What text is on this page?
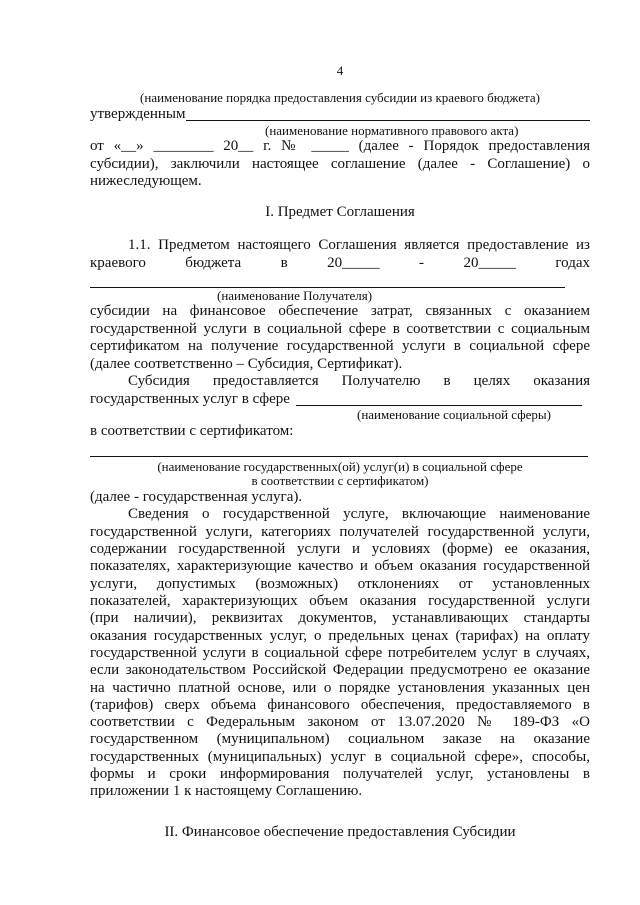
4
(наименование порядка предоставления субсидии из краевого бюджета)
утвержденным
(наименование нормативного правового акта)
от «__» ________ 20__ г. № _____ (далее - Порядок предоставления
субсидии), заключили настоящее соглашение (далее - Соглашение) о
нижеследующем.
I. Предмет Соглашения
1.1. Предметом настоящего Соглашения является предоставление из
краевого бюджета в 20_____ - 20_____ годах
(наименование Получателя)
субсидии на финансовое обеспечение затрат, связанных с оказанием
государственной услуги в социальной сфере в соответствии с социальным
сертификатом на получение государственной услуги в социальной сфере
(далее соответственно – Субсидия, Сертификат).
Субсидия предоставляется Получателю в целях оказания
государственных услуг в сфере
(наименование социальной сферы)
в соответствии с сертификатом:
(наименование государственных(ой) услуг(и) в социальной сфере
в соответствии с сертификатом)
(далее - государственная услуга).
Сведения о государственной услуге, включающие наименование
государственной услуги, категориях получателей государственной услуги,
содержании государственной услуги и условиях (форме) ее оказания,
показателях, характеризующие качество и объем оказания государственной
услуги, допустимых (возможных) отклонениях от установленных
показателей, характеризующих объем оказания государственной услуги
(при наличии), реквизитах документов, устанавливающих стандарты
оказания государственных услуг, о предельных ценах (тарифах) на оплату
государственной услуги в социальной сфере потребителем услуг в случаях,
если законодательством Российской Федерации предусмотрено ее оказание
на частично платной основе, или о порядке установления указанных цен
(тарифов) сверх объема финансового обеспечения, предоставляемого в
соответствии с Федеральным законом от 13.07.2020 № 189-ФЗ «О
государственном (муниципальном) социальном заказе на оказание
государственных (муниципальных) услуг в социальной сфере», способы,
формы и сроки информирования получателей услуг, установлены в
приложении 1 к настоящему Соглашению.
II. Финансовое обеспечение предоставления Субсидии
